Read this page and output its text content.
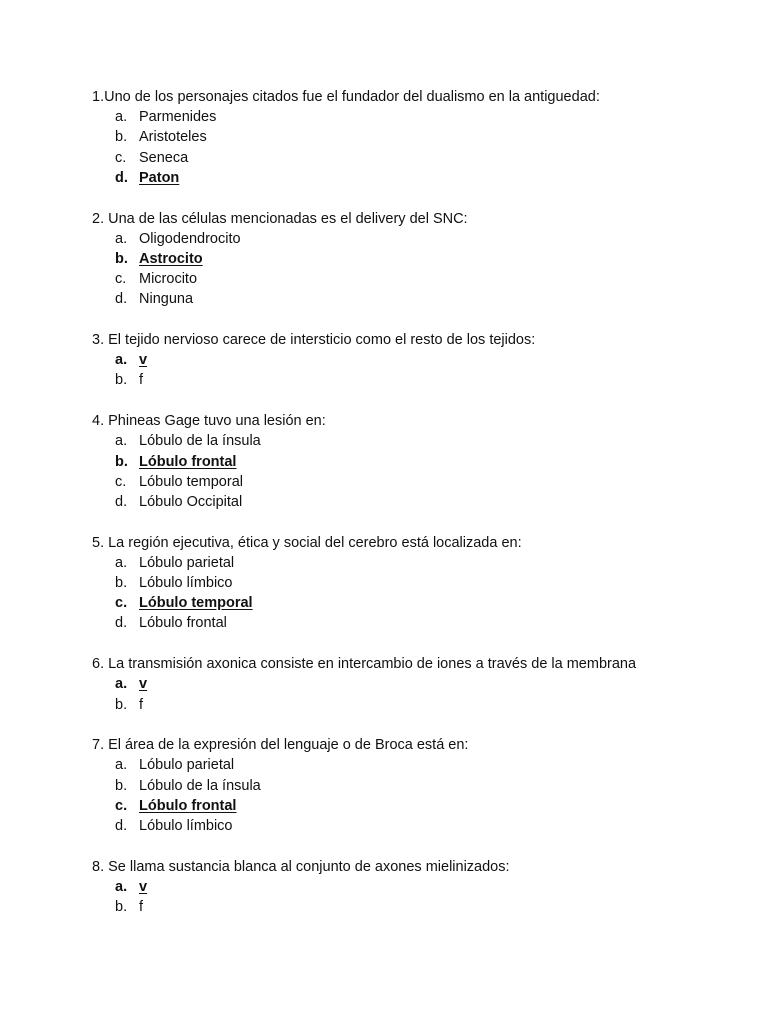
1.Uno de los personajes citados fue el fundador del dualismo en la antiguedad:
a. Parmenides
b. Aristoteles
c. Seneca
d. Paton
2. Una de las células mencionadas es el delivery del SNC:
a. Oligodendrocito
b. Astrocito
c. Microcito
d. Ninguna
3. El tejido nervioso carece de intersticio como el resto de los tejidos:
a. v
b. f
4. Phineas Gage tuvo una lesión en:
a. Lóbulo de la ínsula
b. Lóbulo frontal
c. Lóbulo temporal
d. Lóbulo Occipital
5. La región ejecutiva, ética y social del cerebro está localizada en:
a. Lóbulo parietal
b. Lóbulo límbico
c. Lóbulo temporal
d. Lóbulo frontal
6. La transmisión axonica consiste en intercambio de iones a través de la membrana
a. v
b. f
7. El área de la expresión del lenguaje o de Broca está en:
a. Lóbulo parietal
b. Lóbulo de la ínsula
c. Lóbulo frontal
d. Lóbulo límbico
8. Se llama sustancia blanca al conjunto de axones mielinizados:
a. v
b. f
